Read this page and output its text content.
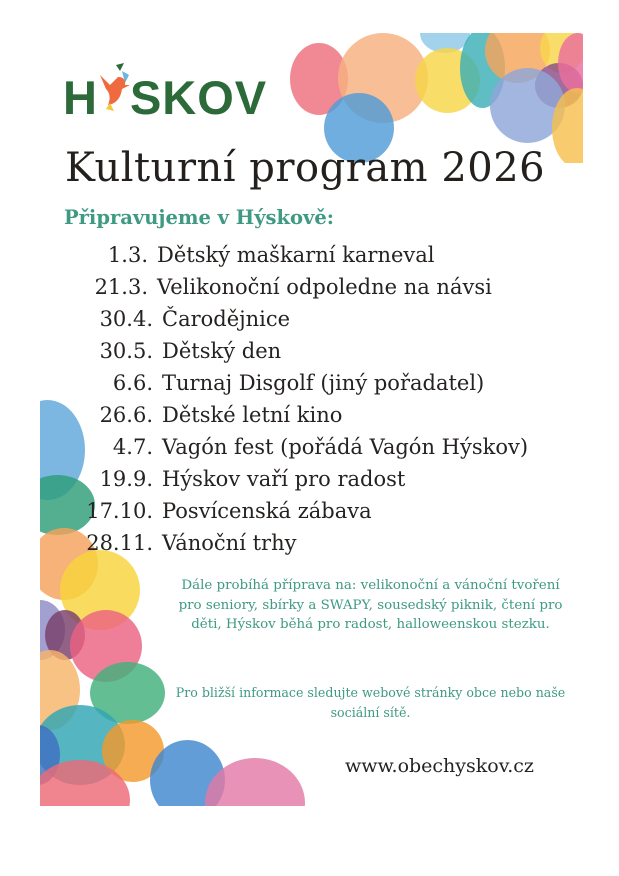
H SKOV
Kulturní program 2026
Připravujeme v Hýskově:
1.3. Dětský maškarní karneval
21.3. Velikonoční odpoledne na návsi
30.4. Čarodějnice
30.5. Dětský den
6.6. Turnaj Disgolf (jiný pořadatel)
26.6. Dětské letní kino
4.7. Vagón fest (pořádá Vagón Hýskov)
19.9. Hýskov vaří pro radost
17.10. Posvícenská zábava
28.11. Vánoční trhy
Dále probíhá příprava na: velikonoční a vánoční tvoření pro seniory, sbírky a SWAPY, sousedský piknik, čtení pro děti, Hýskov běhá pro radost, halloweenskou stezku.
Pro bližší informace sledujte webové stránky obce nebo naše sociální sítě.
www.obechyskov.cz
